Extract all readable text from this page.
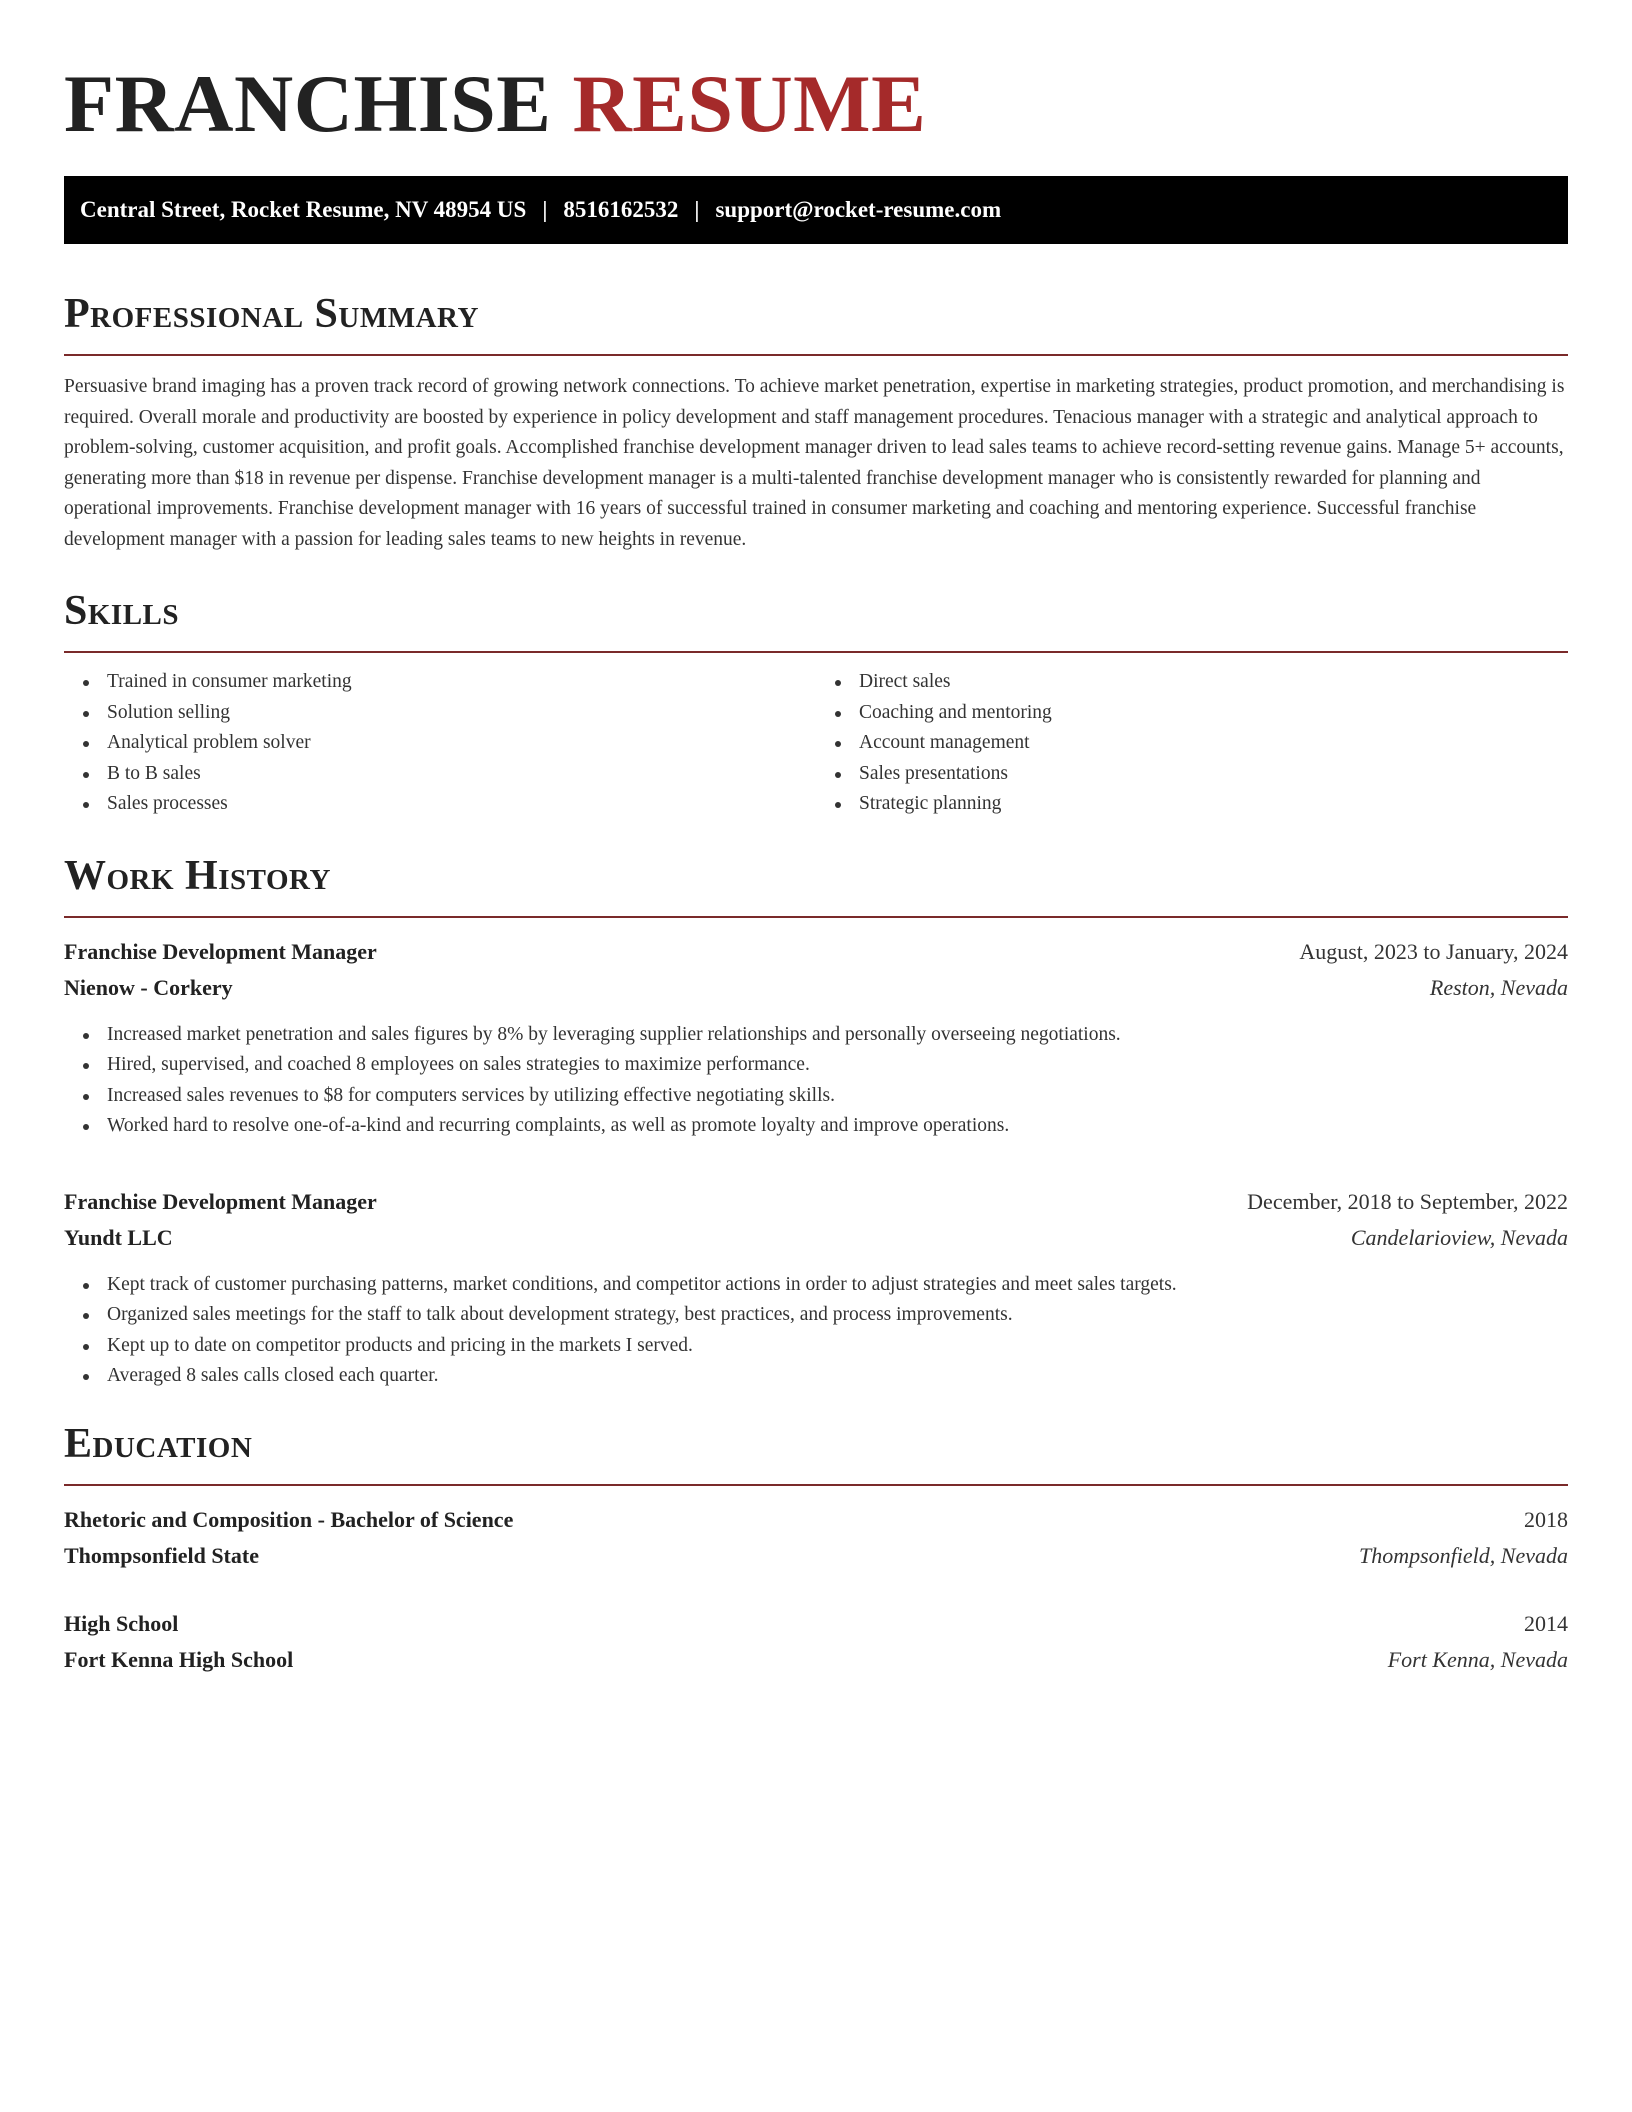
FRANCHISE RESUME
Central Street, Rocket Resume, NV 48954 US | 8516162532 | support@rocket-resume.com
Professional Summary

Persuasive brand imaging has a proven track record of growing network connections. To achieve market penetration, expertise in marketing strategies, product promotion, and merchandising is required. Overall morale and productivity are boosted by experience in policy development and staff management procedures. Tenacious manager with a strategic and analytical approach to problem-solving, customer acquisition, and profit goals. Accomplished franchise development manager driven to lead sales teams to achieve record-setting revenue gains. Manage 5+ accounts, generating more than $18 in revenue per dispense. Franchise development manager is a multi-talented franchise development manager who is consistently rewarded for planning and operational improvements. Franchise development manager with 16 years of successful trained in consumer marketing and coaching and mentoring experience. Successful franchise development manager with a passion for leading sales teams to new heights in revenue.

Skills
Trained in consumer marketing
Solution selling
Analytical problem solver
B to B sales
Sales processes
Direct sales
Coaching and mentoring
Account management
Sales presentations
Strategic planning
Work History
Franchise Development Manager	August, 2023 to January, 2024
Nienow - Corkery	Reston, Nevada
Increased market penetration and sales figures by 8% by leveraging supplier relationships and personally overseeing negotiations.
Hired, supervised, and coached 8 employees on sales strategies to maximize performance.
Increased sales revenues to $8 for computers services by utilizing effective negotiating skills.
Worked hard to resolve one-of-a-kind and recurring complaints, as well as promote loyalty and improve operations.
Franchise Development Manager	December, 2018 to September, 2022
Yundt LLC	Candelarioview, Nevada
Kept track of customer purchasing patterns, market conditions, and competitor actions in order to adjust strategies and meet sales targets.
Organized sales meetings for the staff to talk about development strategy, best practices, and process improvements.
Kept up to date on competitor products and pricing in the markets I served.
Averaged 8 sales calls closed each quarter.
Education
Rhetoric and Composition - Bachelor of Science	2018
Thompsonfield State	Thompsonfield, Nevada
High School	2014
Fort Kenna High School	Fort Kenna, Nevada
